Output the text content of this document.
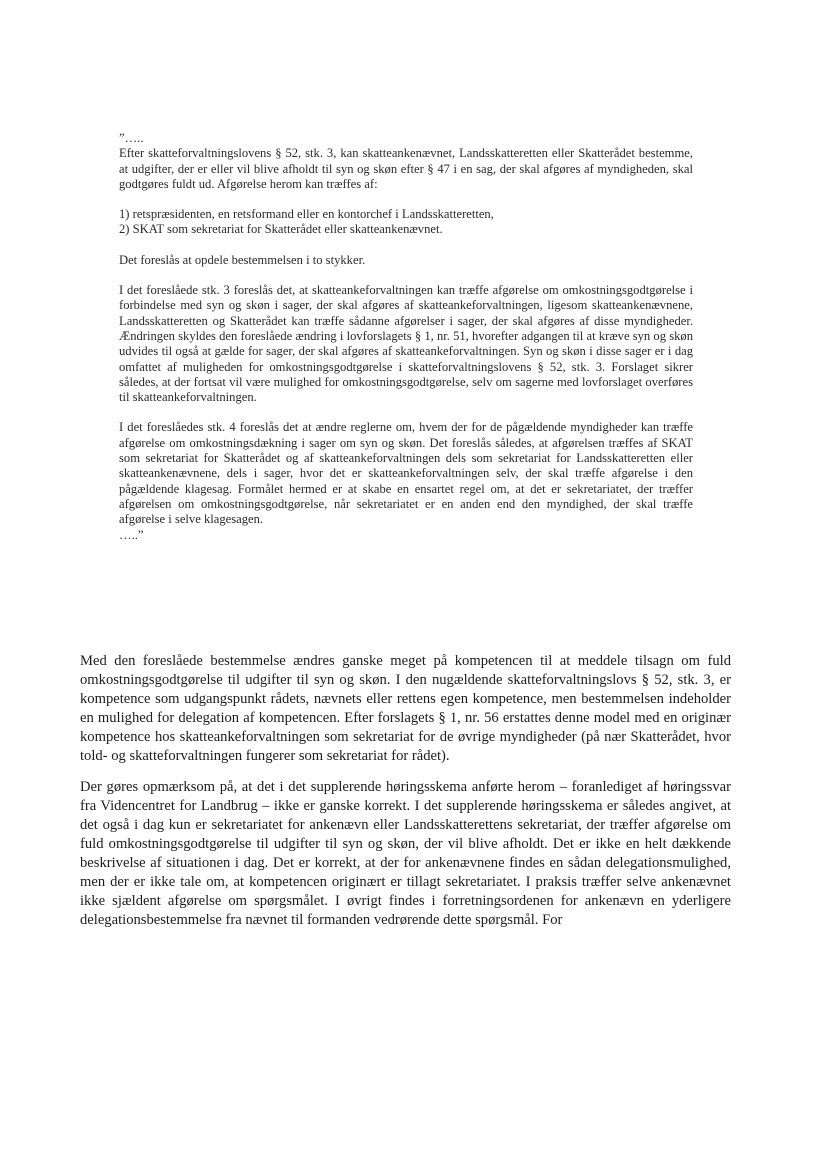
”…..

Efter skatteforvaltningslovens § 52, stk. 3, kan skatteankenævnet, Landsskatteretten eller Skatterådet bestemme, at udgifter, der er eller vil blive afholdt til syn og skøn efter § 47 i en sag, der skal afgøres af myndigheden, skal godtgøres fuldt ud. Afgørelse herom kan træffes af:

1) retspræsidenten, en retsformand eller en kontorchef i Landsskatteretten,

2) SKAT som sekretariat for Skatterådet eller skatteankenævnet.

Det foreslås at opdele bestemmelsen i to stykker.

I det foreslåede stk. 3 foreslås det, at skatteankeforvaltningen kan træffe afgørelse om omkostningsgodtgørelse i forbindelse med syn og skøn i sager, der skal afgøres af skatteankeforvaltningen, ligesom skatteankenævnene, Landsskatteretten og Skatterådet kan træffe sådanne afgørelser i sager, der skal afgøres af disse myndigheder. Ændringen skyldes den foreslåede ændring i lovforslagets § 1, nr. 51, hvorefter adgangen til at kræve syn og skøn udvides til også at gælde for sager, der skal afgøres af skatteankeforvaltningen. Syn og skøn i disse sager er i dag omfattet af muligheden for omkostningsgodtgørelse i skatteforvaltningslovens § 52, stk. 3. Forslaget sikrer således, at der fortsat vil være mulighed for omkostningsgodtgørelse, selv om sagerne med lovforslaget overføres til skatteankeforvaltningen.

I det foreslåedes stk. 4 foreslås det at ændre reglerne om, hvem der for de pågældende myndigheder kan træffe afgørelse om omkostningsdækning i sager om syn og skøn. Det foreslås således, at afgørelsen træffes af SKAT som sekretariat for Skatterådet og af skatteankeforvaltningen dels som sekretariat for Landsskatteretten eller skatteankenævnene, dels i sager, hvor det er skatteankeforvaltningen selv, der skal træffe afgørelse i den pågældende klagesag. Formålet hermed er at skabe en ensartet regel om, at det er sekretariatet, der træffer afgørelsen om omkostningsgodtgørelse, når sekretariatet er en anden end den myndighed, der skal træffe afgørelse i selve klagesagen.

…..”

Med den foreslåede bestemmelse ændres ganske meget på kompetencen til at meddele tilsagn om fuld omkostningsgodtgørelse til udgifter til syn og skøn. I den nugældende skatteforvaltningslovs § 52, stk. 3, er kompetence som udgangspunkt rådets, nævnets eller rettens egen kompetence, men bestemmelsen indeholder en mulighed for delegation af kompetencen. Efter forslagets § 1, nr. 56 erstattes denne model med en originær kompetence hos skatteankeforvaltningen som sekretariat for de øvrige myndigheder (på nær Skatterådet, hvor told- og skatteforvaltningen fungerer som sekretariat for rådet).

Der gøres opmærksom på, at det i det supplerende høringsskema anførte herom – foranlediget af høringssvar fra Videncentret for Landbrug – ikke er ganske korrekt. I det supplerende høringsskema er således angivet, at det også i dag kun er sekretariatet for ankenævn eller Landsskatterettens sekretariat, der træffer afgørelse om fuld omkostningsgodtgørelse til udgifter til syn og skøn, der vil blive afholdt. Det er ikke en helt dækkende beskrivelse af situationen i dag. Det er korrekt, at der for ankenævnene findes en sådan delegationsmulighed, men der er ikke tale om, at kompetencen originært er tillagt sekretariatet. I praksis træffer selve ankenævnet ikke sjældent afgørelse om spørgsmålet. I øvrigt findes i forretningsordenen for ankenævn en yderligere delegationsbestemmelse fra nævnet til formanden vedrørende dette spørgsmål. For
